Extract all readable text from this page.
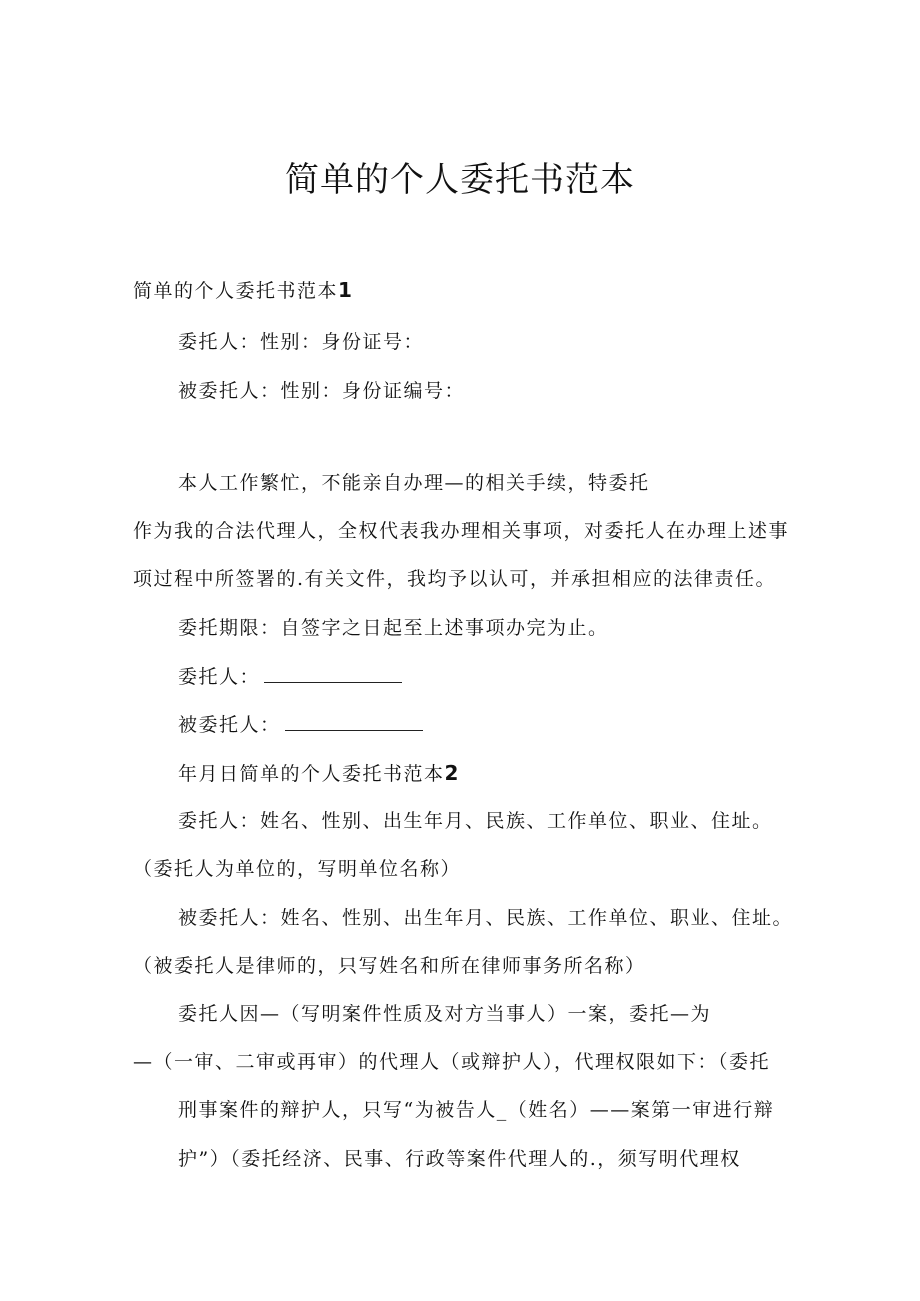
简单的个人委托书范本
简单的个人委托书范本1
委托人：性别：身份证号：
被委托人：性别：身份证编号：
本人工作繁忙，不能亲自办理—的相关手续，特委托
作为我的合法代理人，全权代表我办理相关事项，对委托人在办理上述事
项过程中所签署的.有关文件，我均予以认可，并承担相应的法律责任。
委托期限：自签字之日起至上述事项办完为止。
委托人：
被委托人：
年月日简单的个人委托书范本2
委托人：姓名、性别、出生年月、民族、工作单位、职业、住址。
（委托人为单位的，写明单位名称）
被委托人：姓名、性别、出生年月、民族、工作单位、职业、住址。
（被委托人是律师的，只写姓名和所在律师事务所名称）
委托人因—（写明案件性质及对方当事人）一案，委托—为
—（一审、二审或再审）的代理人（或辩护人），代理权限如下：（委托
刑事案件的辩护人，只写“为被告人_（姓名）——案第一审进行辩
护”）（委托经济、民事、行政等案件代理人的.，须写明代理权
